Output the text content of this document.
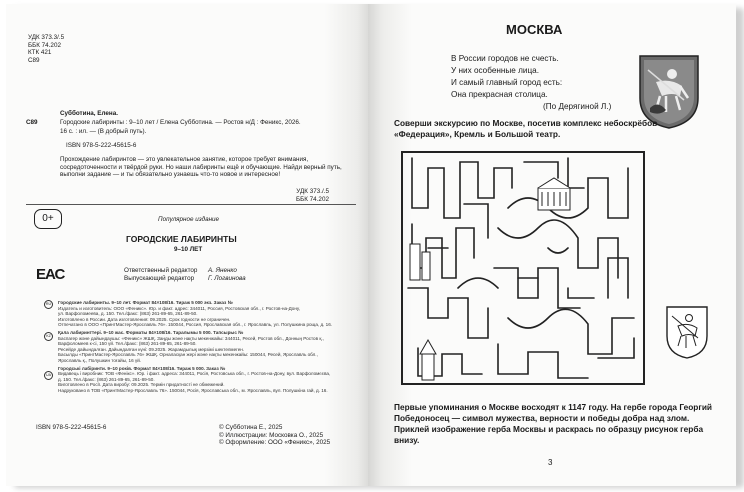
УДК 373.3/.5
ББК 74.202
КТК 421
С89
С89
Субботина, Елена.
Городские лабиринты : 9–10 лет / Елена Субботина. — Ростов н/Д : Феникс, 2026.
16 с. : ил. — (В добрый путь).
ISBN 978-5-222-45615-6
Прохождение лабиринтов — это увлекательное занятие, которое требует внимания, сосредоточенности и твёрдой руки. Но наши лабиринты ещё и обучающие. Найди верный путь, выполни задание — и ты обязательно узнаешь что-то новое и интересное!
УДК 373./.5
ББК 74.202
0+	Популярное издание
ГОРОДСКИЕ ЛАБИРИНТЫ
9–10 ЛЕТ
Ответственный редактор А. Яненко
Выпускающий редактор Г. Логвинова
ЕАС
RU
KZ
UA
Городские лабиринты. 9–10 лет. Формат 84×108/16. Тираж 5 000 экз. Заказ №
Издатель и изготовитель: ООО «Феникс». Юр. и факт. адрес: 344011, Россия, Ростовская обл., г. Ростов-на-Дону,
ул. Варфоломеева, д. 150. Тел./факс: (863) 261-89-65, 261-89-50.
Изготовлено в России. Дата изготовления: 09.2025. Срок годности не ограничен.
Отпечатано в ООО «ПринтМастер-Ярославль 76». 150044, Россия, Ярославская обл., г. Ярославль, ул. Полушкина роща, д. 16.
Қала лабиринттері. 9–10 жас. Форматы 84×108/16. Таралымы 5 000. Тапсырыс №
Баспагер және дайындаушы: «Феникс» ЖШҚ. Заңды және нақты мекенжайы: 344011, Ресей, Ростов обл., Донның Ростов қ.,
Варфоломеев к-сі, 150 үй. Тел./факс: (863) 261-89-65, 261-89-50.
Ресейде дайындалған. Дайындалған күні: 09.2025. Жарамдылық мерзімі шектелмеген.
Басылды «ПринтМастер-Ярославль 76» ЖШҚ. Орналасқан жері және нақты мекенжайы: 150044, Ресей, Ярославль обл.,
Ярославль қ., Полушкин тоғайы, 16 үй.
Городські лабіринти. 9–10 років. Формат 84×108/16. Тираж 5 000. Заказ №
Видавець і виробник: ТОВ «Фенікс». Юр. і факт. адреса: 344011, Росія, Ростовська обл., г. Ростов-на-Дону, вул. Варфоломєєва,
д. 150. Тел./факс: (863) 261-89-65, 261-89-50.
Виготовлено в Росії. Дата виробу: 09.2025. Термін придатності не обмежений.
Надруковано в ТОВ «ПринтМастер-Ярославль 76». 150044, Росія, Ярославська обл., м. Ярославль, вул. Полушкіна гай, д. 16.
ISBN 978-5-222-45615-6	© Субботина Е., 2025
© Иллюстрации: Московка О., 2025
© Оформление: ООО «Феникс», 2025
МОСКВА
В России городов не счесть.
У них особенные лица.
И самый главный город есть:
Она прекрасная столица.
(По Дерягиной Л.)
Соверши экскурсию по Москве, посетив комплекс небоскрёбов «Федерация», Кремль и Большой театр.
Первые упоминания о Москве восходят к 1147 году. На гербе города Георгий Победоносец — символ мужества, верности и победы добра над злом. Приклей изображение герба Москвы и раскрась по образцу рисунок герба внизу.
3
